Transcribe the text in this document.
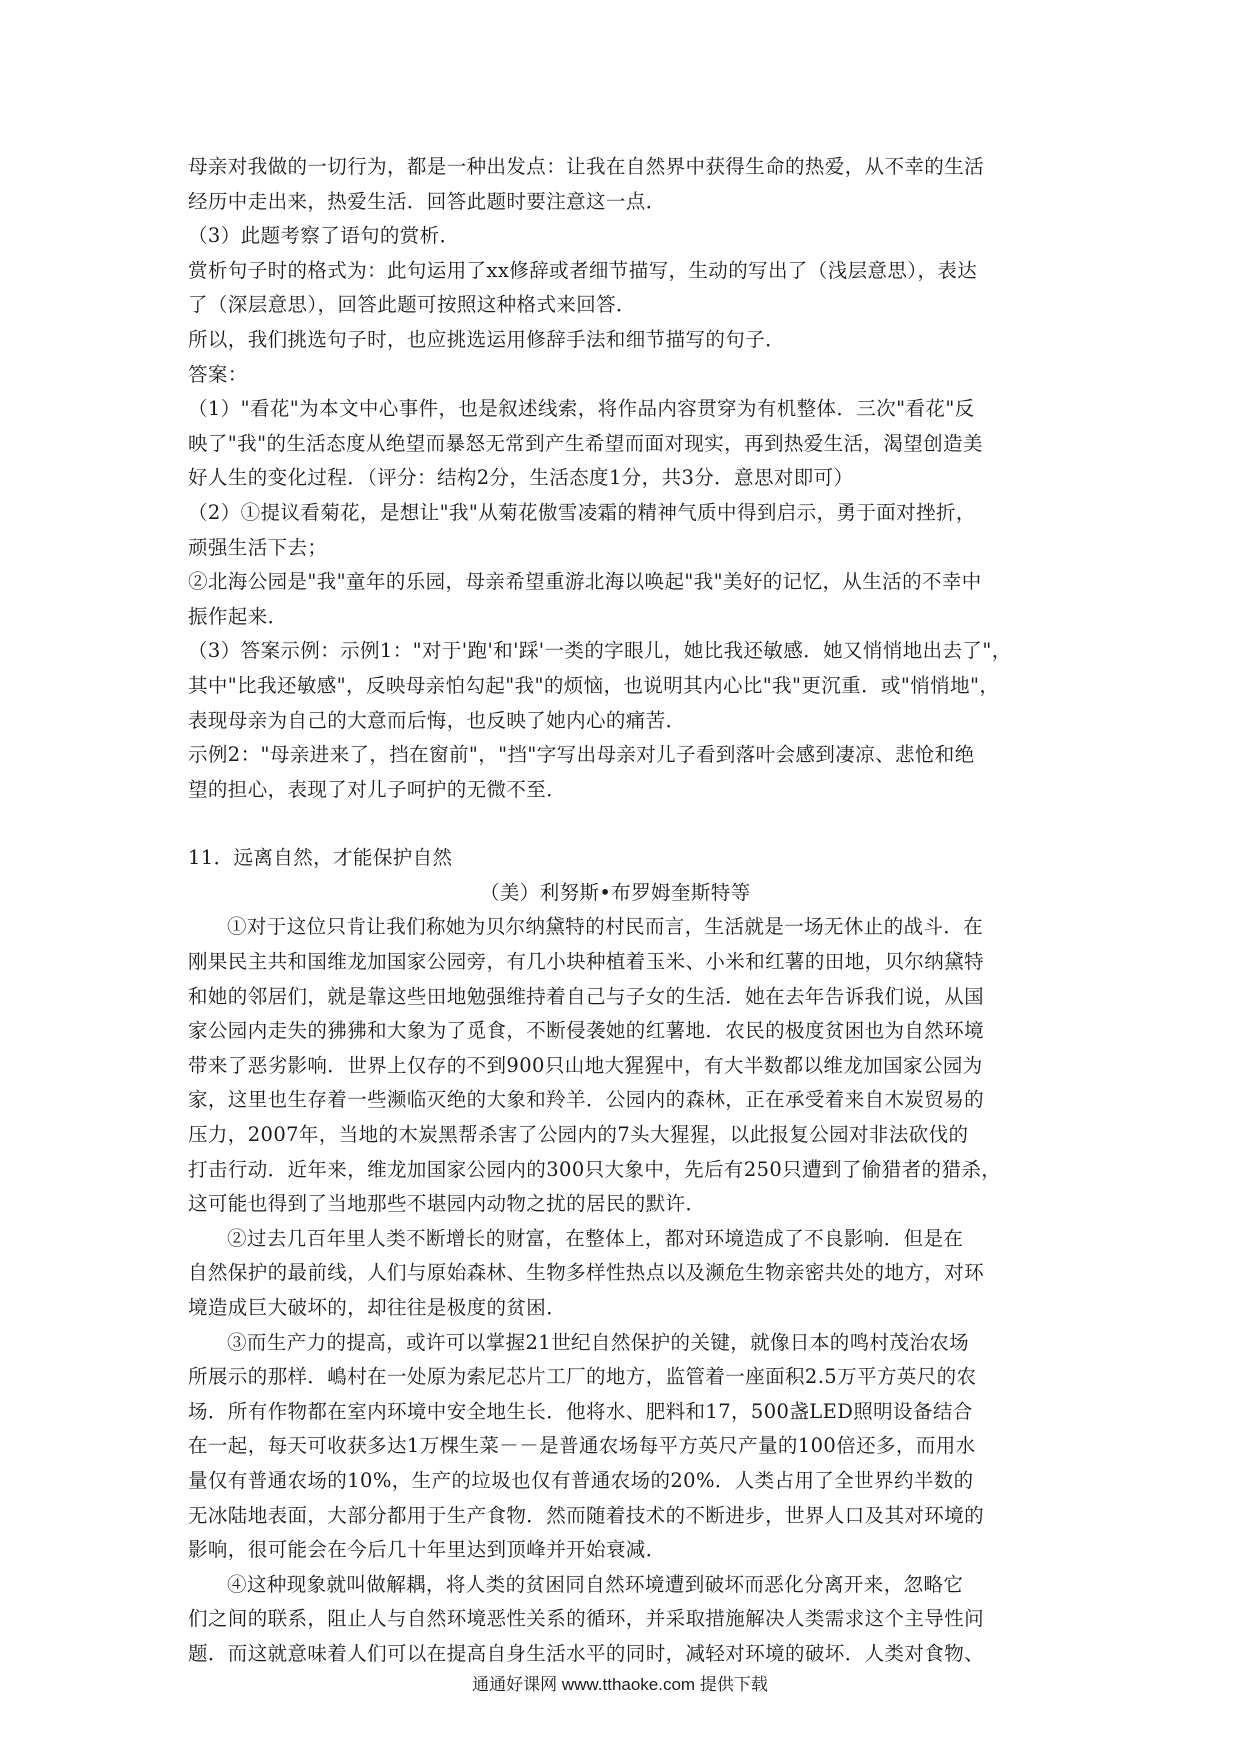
母亲对我做的一切行为，都是一种出发点：让我在自然界中获得生命的热爱，从不幸的生活
经历中走出来，热爱生活．回答此题时要注意这一点．
（3）此题考察了语句的赏析．
赏析句子时的格式为：此句运用了xx修辞或者细节描写，生动的写出了（浅层意思），表达
了（深层意思），回答此题可按照这种格式来回答．
所以，我们挑选句子时，也应挑选运用修辞手法和细节描写的句子．
答案：
（1）"看花"为本文中心事件，也是叙述线索，将作品内容贯穿为有机整体．三次"看花"反
映了"我"的生活态度从绝望而暴怒无常到产生希望而面对现实，再到热爱生活，渴望创造美
好人生的变化过程．（评分：结构2分，生活态度1分，共3分．意思对即可）
（2）①提议看菊花，是想让"我"从菊花傲雪凌霜的精神气质中得到启示，勇于面对挫折，
顽强生活下去；
②北海公园是"我"童年的乐园，母亲希望重游北海以唤起"我"美好的记忆，从生活的不幸中
振作起来．
（3）答案示例：示例1："对于'跑'和'踩'一类的字眼儿，她比我还敏感．她又悄悄地出去了"，
其中"比我还敏感"，反映母亲怕勾起"我"的烦恼，也说明其内心比"我"更沉重．或"悄悄地"，
表现母亲为自己的大意而后悔，也反映了她内心的痛苦．
示例2："母亲进来了，挡在窗前"，"挡"字写出母亲对儿子看到落叶会感到凄凉、悲怆和绝
望的担心，表现了对儿子呵护的无微不至．
11．远离自然，才能保护自然
（美）利努斯•布罗姆奎斯特等
①对于这位只肯让我们称她为贝尔纳黛特的村民而言，生活就是一场无休止的战斗．在
刚果民主共和国维龙加国家公园旁，有几小块种植着玉米、小米和红薯的田地，贝尔纳黛特
和她的邻居们，就是靠这些田地勉强维持着自己与子女的生活．她在去年告诉我们说，从国
家公园内走失的狒狒和大象为了觅食，不断侵袭她的红薯地．农民的极度贫困也为自然环境
带来了恶劣影响．世界上仅存的不到900只山地大猩猩中，有大半数都以维龙加国家公园为
家，这里也生存着一些濒临灭绝的大象和羚羊．公园内的森林，正在承受着来自木炭贸易的
压力，2007年，当地的木炭黑帮杀害了公园内的7头大猩猩，以此报复公园对非法砍伐的
打击行动．近年来，维龙加国家公园内的300只大象中，先后有250只遭到了偷猎者的猎杀，
这可能也得到了当地那些不堪园内动物之扰的居民的默许．
②过去几百年里人类不断增长的财富，在整体上，都对环境造成了不良影响．但是在
自然保护的最前线，人们与原始森林、生物多样性热点以及濒危生物亲密共处的地方，对环
境造成巨大破坏的，却往往是极度的贫困．
③而生产力的提高，或许可以掌握21世纪自然保护的关键，就像日本的鸣村茂治农场
所展示的那样．嶋村在一处原为索尼芯片工厂的地方，监管着一座面积2.5万平方英尺的农
场．所有作物都在室内环境中安全地生长．他将水、肥料和17，500盏LED照明设备结合
在一起，每天可收获多达1万棵生菜－－是普通农场每平方英尺产量的100倍还多，而用水
量仅有普通农场的10%，生产的垃圾也仅有普通农场的20%．人类占用了全世界约半数的
无冰陆地表面，大部分都用于生产食物．然而随着技术的不断进步，世界人口及其对环境的
影响，很可能会在今后几十年里达到顶峰并开始衰减．
④这种现象就叫做解耦，将人类的贫困同自然环境遭到破坏而恶化分离开来，忽略它
们之间的联系，阻止人与自然环境恶性关系的循环，并采取措施解决人类需求这个主导性问
题．而这就意味着人们可以在提高自身生活水平的同时，减轻对环境的破坏．人类对食物、
通通好课网 www.tthaoke.com 提供下载
